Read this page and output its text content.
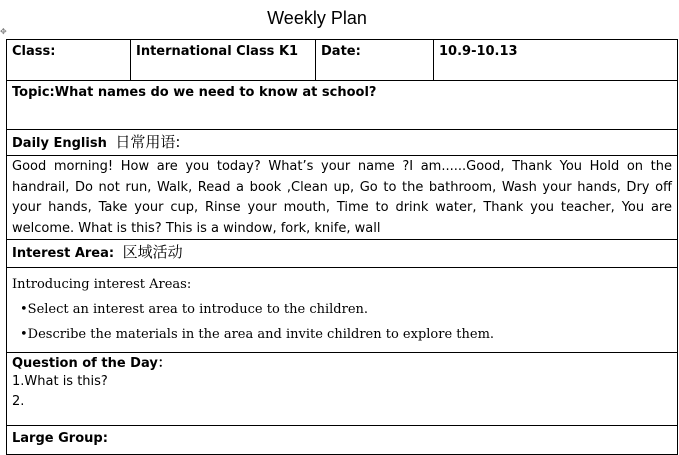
✥
Weekly Plan
Class:	International Class K1	Date:	10.9-10.13

Topic:What names do we need to know at school?

Daily English 日常用语:

Good morning! How are you today? What’s your name ?I am......Good, Thank You Hold on the handrail, Do not run, Walk, Read a book ,Clean up, Go to the bathroom, Wash your hands, Dry off your hands, Take your cup, Rinse your mouth, Time to drink water, Thank you teacher, You are welcome. What is this? This is a window, fork, knife, wall

Interest Area: 区域活动

Introducing interest Areas:
•Select an interest area to introduce to the children.
•Describe the materials in the area and invite children to explore them.

Question of the Day：
1.What is this?
2.

Large Group:
